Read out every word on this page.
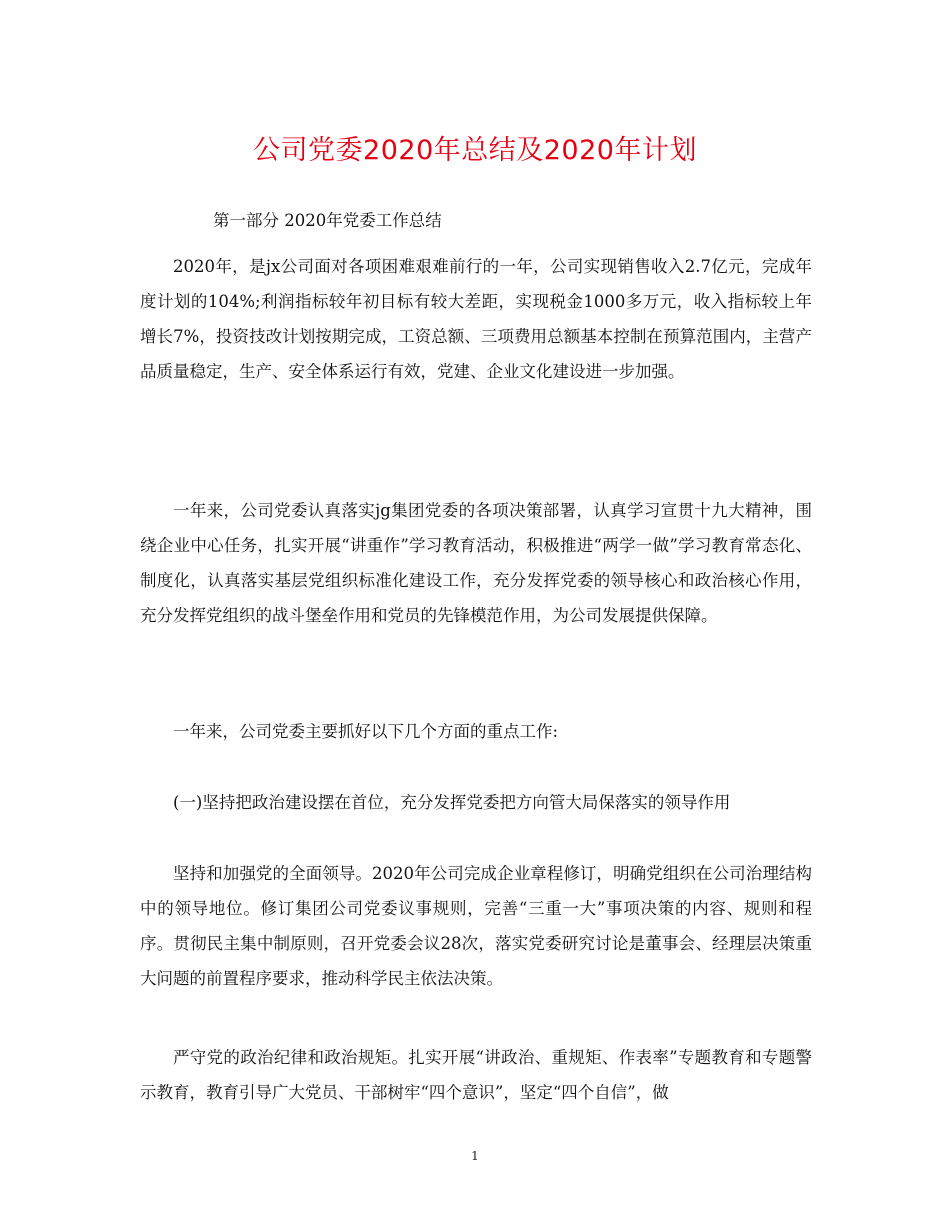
公司党委2020年总结及2020年计划
第一部分 2020年党委工作总结

2020年，是jx公司面对各项困难艰难前行的一年，公司实现销售收入2.7亿元，完成年度计划的104%;利润指标较年初目标有较大差距，实现税金1000多万元，收入指标较上年增长7%，投资技改计划按期完成，工资总额、三项费用总额基本控制在预算范围内，主营产品质量稳定，生产、安全体系运行有效，党建、企业文化建设进一步加强。

一年来，公司党委认真落实jg集团党委的各项决策部署，认真学习宣贯十九大精神，围绕企业中心任务，扎实开展“讲重作”学习教育活动，积极推进“两学一做”学习教育常态化、制度化，认真落实基层党组织标准化建设工作，充分发挥党委的领导核心和政治核心作用，充分发挥党组织的战斗堡垒作用和党员的先锋模范作用，为公司发展提供保障。

一年来，公司党委主要抓好以下几个方面的重点工作:

(一)坚持把政治建设摆在首位，充分发挥党委把方向管大局保落实的领导作用

坚持和加强党的全面领导。2020年公司完成企业章程修订，明确党组织在公司治理结构中的领导地位。修订集团公司党委议事规则，完善“三重一大”事项决策的内容、规则和程序。贯彻民主集中制原则，召开党委会议28次，落实党委研究讨论是董事会、经理层决策重大问题的前置程序要求，推动科学民主依法决策。

严守党的政治纪律和政治规矩。扎实开展“讲政治、重规矩、作表率”专题教育和专题警示教育，教育引导广大党员、干部树牢“四个意识”，坚定“四个自信”，做

1
